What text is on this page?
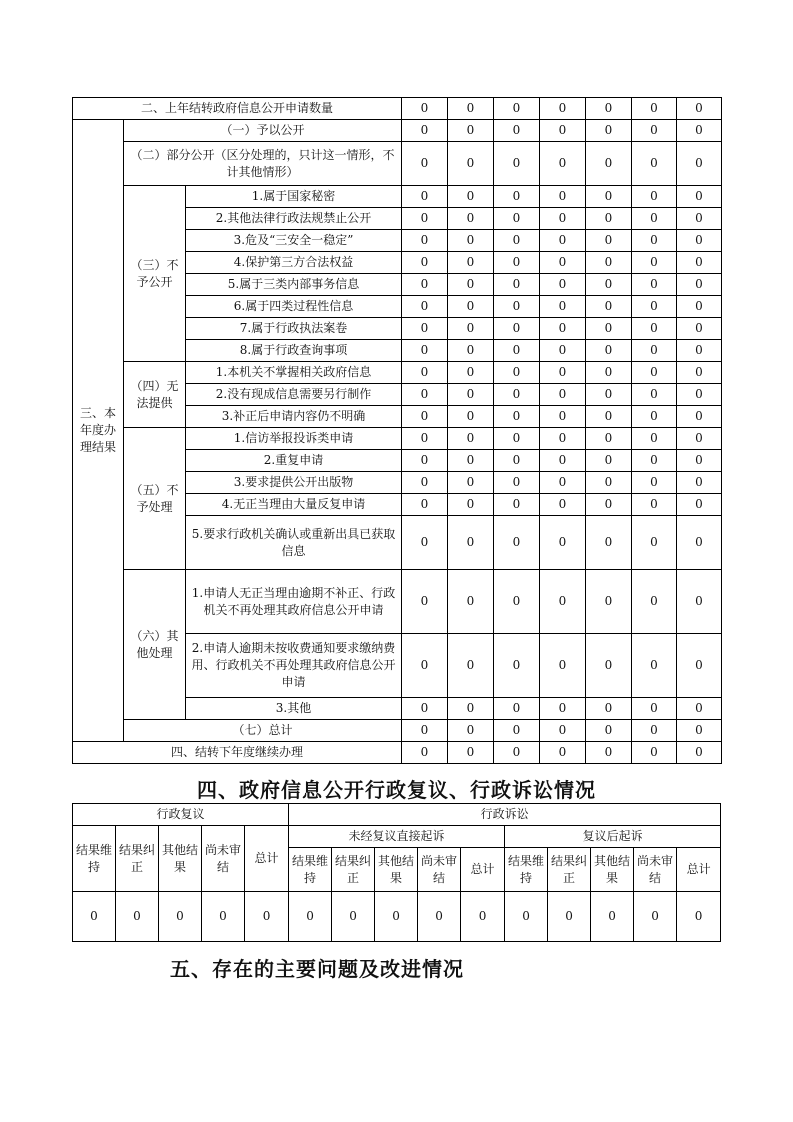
二、上年结转政府信息公开申请数量			0	0	0	0	0	0	0
三、本年度办理结果	（一）予以公开		0	0	0	0	0	0	0
	（二）部分公开（区分处理的，只计这一情形，不计其他情形）		0	0	0	0	0	0	0
	（三）不予公开	1.属于国家秘密	0	0	0	0	0	0	0
		2.其他法律行政法规禁止公开	0	0	0	0	0	0	0
		3.危及“三安全一稳定”	0	0	0	0	0	0	0
		4.保护第三方合法权益	0	0	0	0	0	0	0
		5.属于三类内部事务信息	0	0	0	0	0	0	0
		6.属于四类过程性信息	0	0	0	0	0	0	0
		7.属于行政执法案卷	0	0	0	0	0	0	0
		8.属于行政查询事项	0	0	0	0	0	0	0
	（四）无法提供	1.本机关不掌握相关政府信息	0	0	0	0	0	0	0
		2.没有现成信息需要另行制作	0	0	0	0	0	0	0
		3.补正后申请内容仍不明确	0	0	0	0	0	0	0
	（五）不予处理	1.信访举报投诉类申请	0	0	0	0	0	0	0
		2.重复申请	0	0	0	0	0	0	0
		3.要求提供公开出版物	0	0	0	0	0	0	0
		4.无正当理由大量反复申请	0	0	0	0	0	0	0
		5.要求行政机关确认或重新出具已获取信息	0	0	0	0	0	0	0
	（六）其他处理	1.申请人无正当理由逾期不补正、行政机关不再处理其政府信息公开申请	0	0	0	0	0	0	0
		2.申请人逾期未按收费通知要求缴纳费用、行政机关不再处理其政府信息公开申请	0	0	0	0	0	0	0
		3.其他	0	0	0	0	0	0	0
	（七）总计		0	0	0	0	0	0	0
四、结转下年度继续办理			0	0	0	0	0	0	0
四、政府信息公开行政复议、行政诉讼情况
行政复议					行政诉讼									
结果维持	结果纠正	其他结果	尚未审结	总计	未经复议直接起诉					复议后起诉				
					结果维持	结果纠正	其他结果	尚未审结	总计	结果维持	结果纠正	其他结果	尚未审结	总计
0	0	0	0	0	0	0	0	0	0	0	0	0	0	0
五、存在的主要问题及改进情况
